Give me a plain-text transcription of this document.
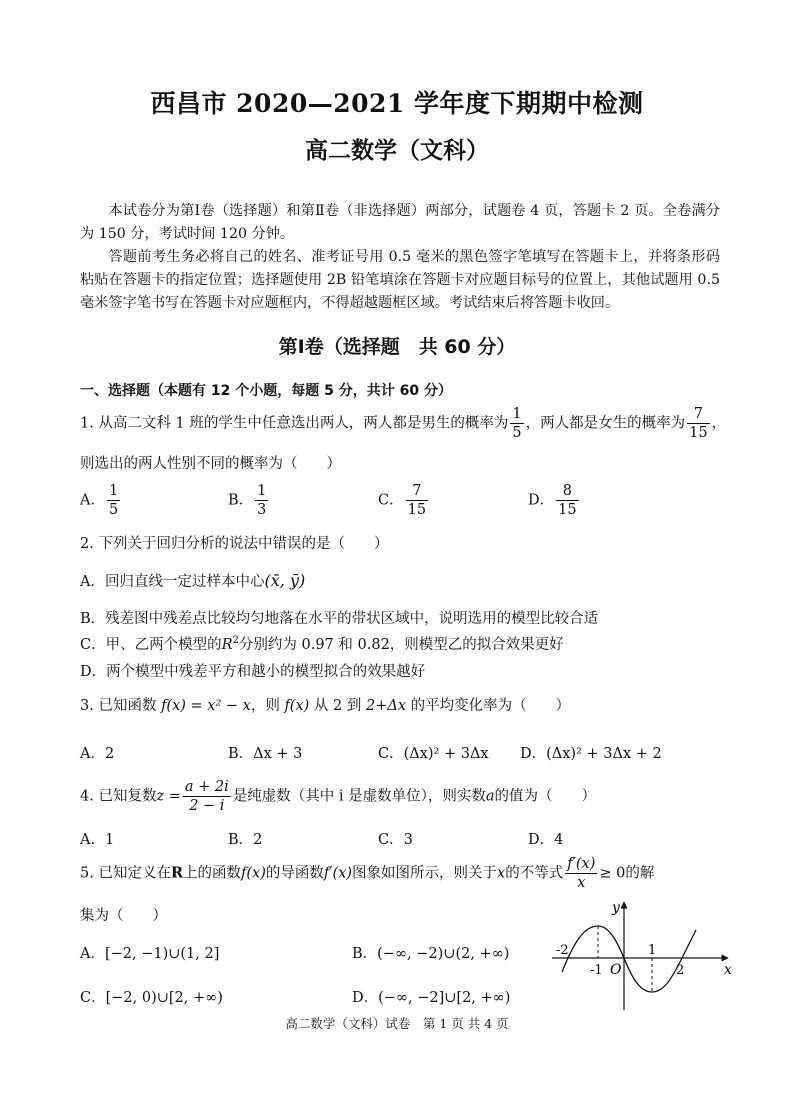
西昌市 2020—2021 学年度下期期中检测
高二数学（文科）

本试卷分为第Ⅰ卷（选择题）和第Ⅱ卷（非选择题）两部分，试题卷 4 页，答题卡 2 页。全卷满分为 150 分，考试时间 120 分钟。

答题前考生务必将自己的姓名、准考证号用 0.5 毫米的黑色签字笔填写在答题卡上，并将条形码粘贴在答题卡的指定位置；选择题使用 2B 铅笔填涂在答题卡对应题目标号的位置上，其他试题用 0.5 毫米签字笔书写在答题卡对应题框内，不得超越题框区域。考试结束后将答题卡收回。

第Ⅰ卷（选择题　共 60 分）
一、选择题（本题有 12 个小题，每题 5 分，共计 60 分）
1. 从高二文科 1 班的学生中任意选出两人，两人都是男生的概率为 $\frac{1}{5}$ ，两人都是女生的概率为 $\frac{7}{15}$ ，
则选出的两人性别不同的概率为（　　）
A． $\frac{1}{5}$	B． $\frac{1}{3}$	C． $\frac{7}{15}$	D． $\frac{8}{15}$
2. 下列关于回归分析的说法中错误的是（　　）
A．回归直线一定过样本中心(x̄, ȳ)
B．残差图中残差点比较均匀地落在水平的带状区域中，说明选用的模型比较合适
C．甲、乙两个模型的$R^2$分别约为 0.97 和 0.82，则模型乙的拟合效果更好
D．两个模型中残差平方和越小的模型拟合的效果越好
3. 已知函数 f(x) = x² − x，则 f(x) 从 2 到 2+Δx 的平均变化率为（　　）
A．2	B．Δx + 3	C．(Δx)² + 3Δx D．(Δx)² + 3Δx + 2
4. 已知复数$z = \frac{a + 2i}{2 - i}$ 是纯虚数（其中 i 是虚数单位），则实数a的值为（　　）
A．1	B．2	C．3	D．4
5. 已知定义在R上的函数f(x)的导函数f′(x)图象如图所示，则关于x的不等式 $\frac{f'(x)}{x} \ge 0$的解
集为（　　）
A．[−2, −1)∪(1, 2]	B．(−∞, −2)∪(2, +∞)
C．[−2, 0)∪[2, +∞)	D．(−∞, −2]∪[2, +∞)
y
x
O
-2
-1
1
2
高二数学（文科）试卷　第 1 页 共 4 页
